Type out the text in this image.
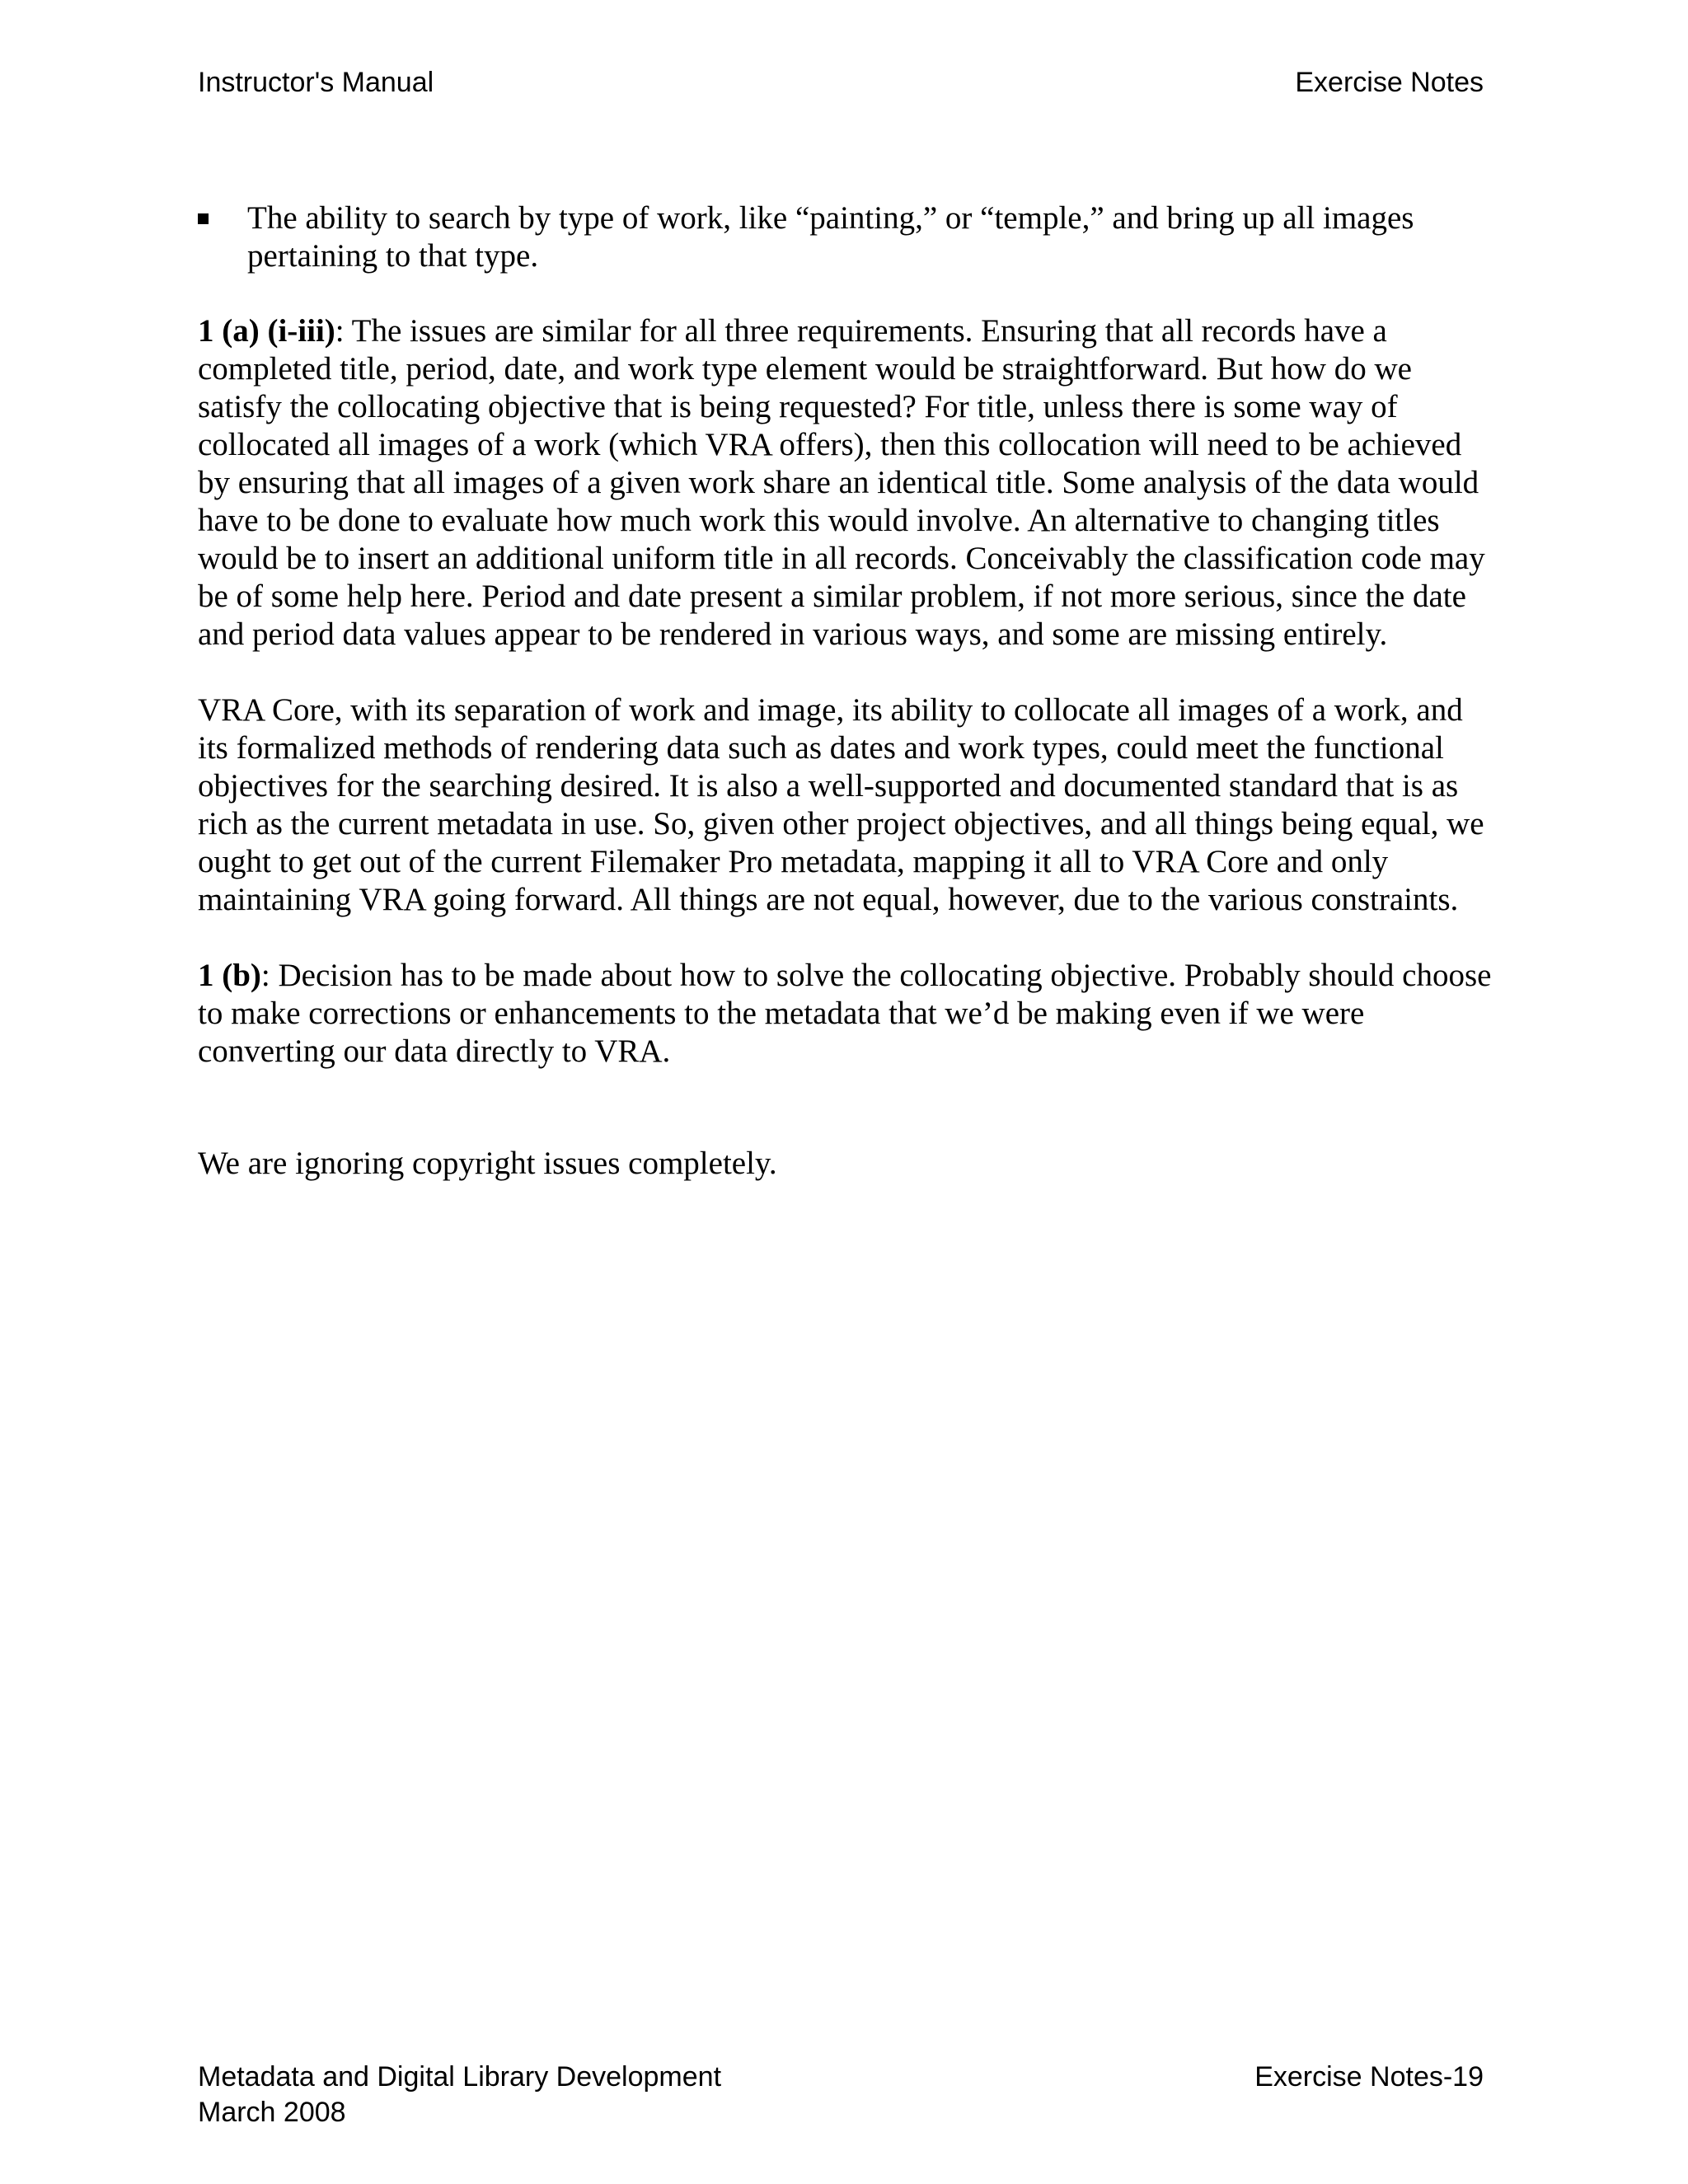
Instructor's Manual	Exercise Notes
The ability to search by type of work, like “painting,” or “temple,” and bring up all images pertaining to that type.

1 (a) (i-iii): The issues are similar for all three requirements. Ensuring that all records have a completed title, period, date, and work type element would be straightforward. But how do we satisfy the collocating objective that is being requested? For title, unless there is some way of collocated all images of a work (which VRA offers), then this collocation will need to be achieved by ensuring that all images of a given work share an identical title. Some analysis of the data would have to be done to evaluate how much work this would involve. An alternative to changing titles would be to insert an additional uniform title in all records. Conceivably the classification code may be of some help here. Period and date present a similar problem, if not more serious, since the date and period data values appear to be rendered in various ways, and some are missing entirely.

VRA Core, with its separation of work and image, its ability to collocate all images of a work, and its formalized methods of rendering data such as dates and work types, could meet the functional objectives for the searching desired. It is also a well-supported and documented standard that is as rich as the current metadata in use. So, given other project objectives, and all things being equal, we ought to get out of the current Filemaker Pro metadata, mapping it all to VRA Core and only maintaining VRA going forward. All things are not equal, however, due to the various constraints.

1 (b): Decision has to be made about how to solve the collocating objective. Probably should choose to make corrections or enhancements to the metadata that we’d be making even if we were converting our data directly to VRA.

We are ignoring copyright issues completely.

Metadata and Digital Library Development
March 2008
Exercise Notes-19
